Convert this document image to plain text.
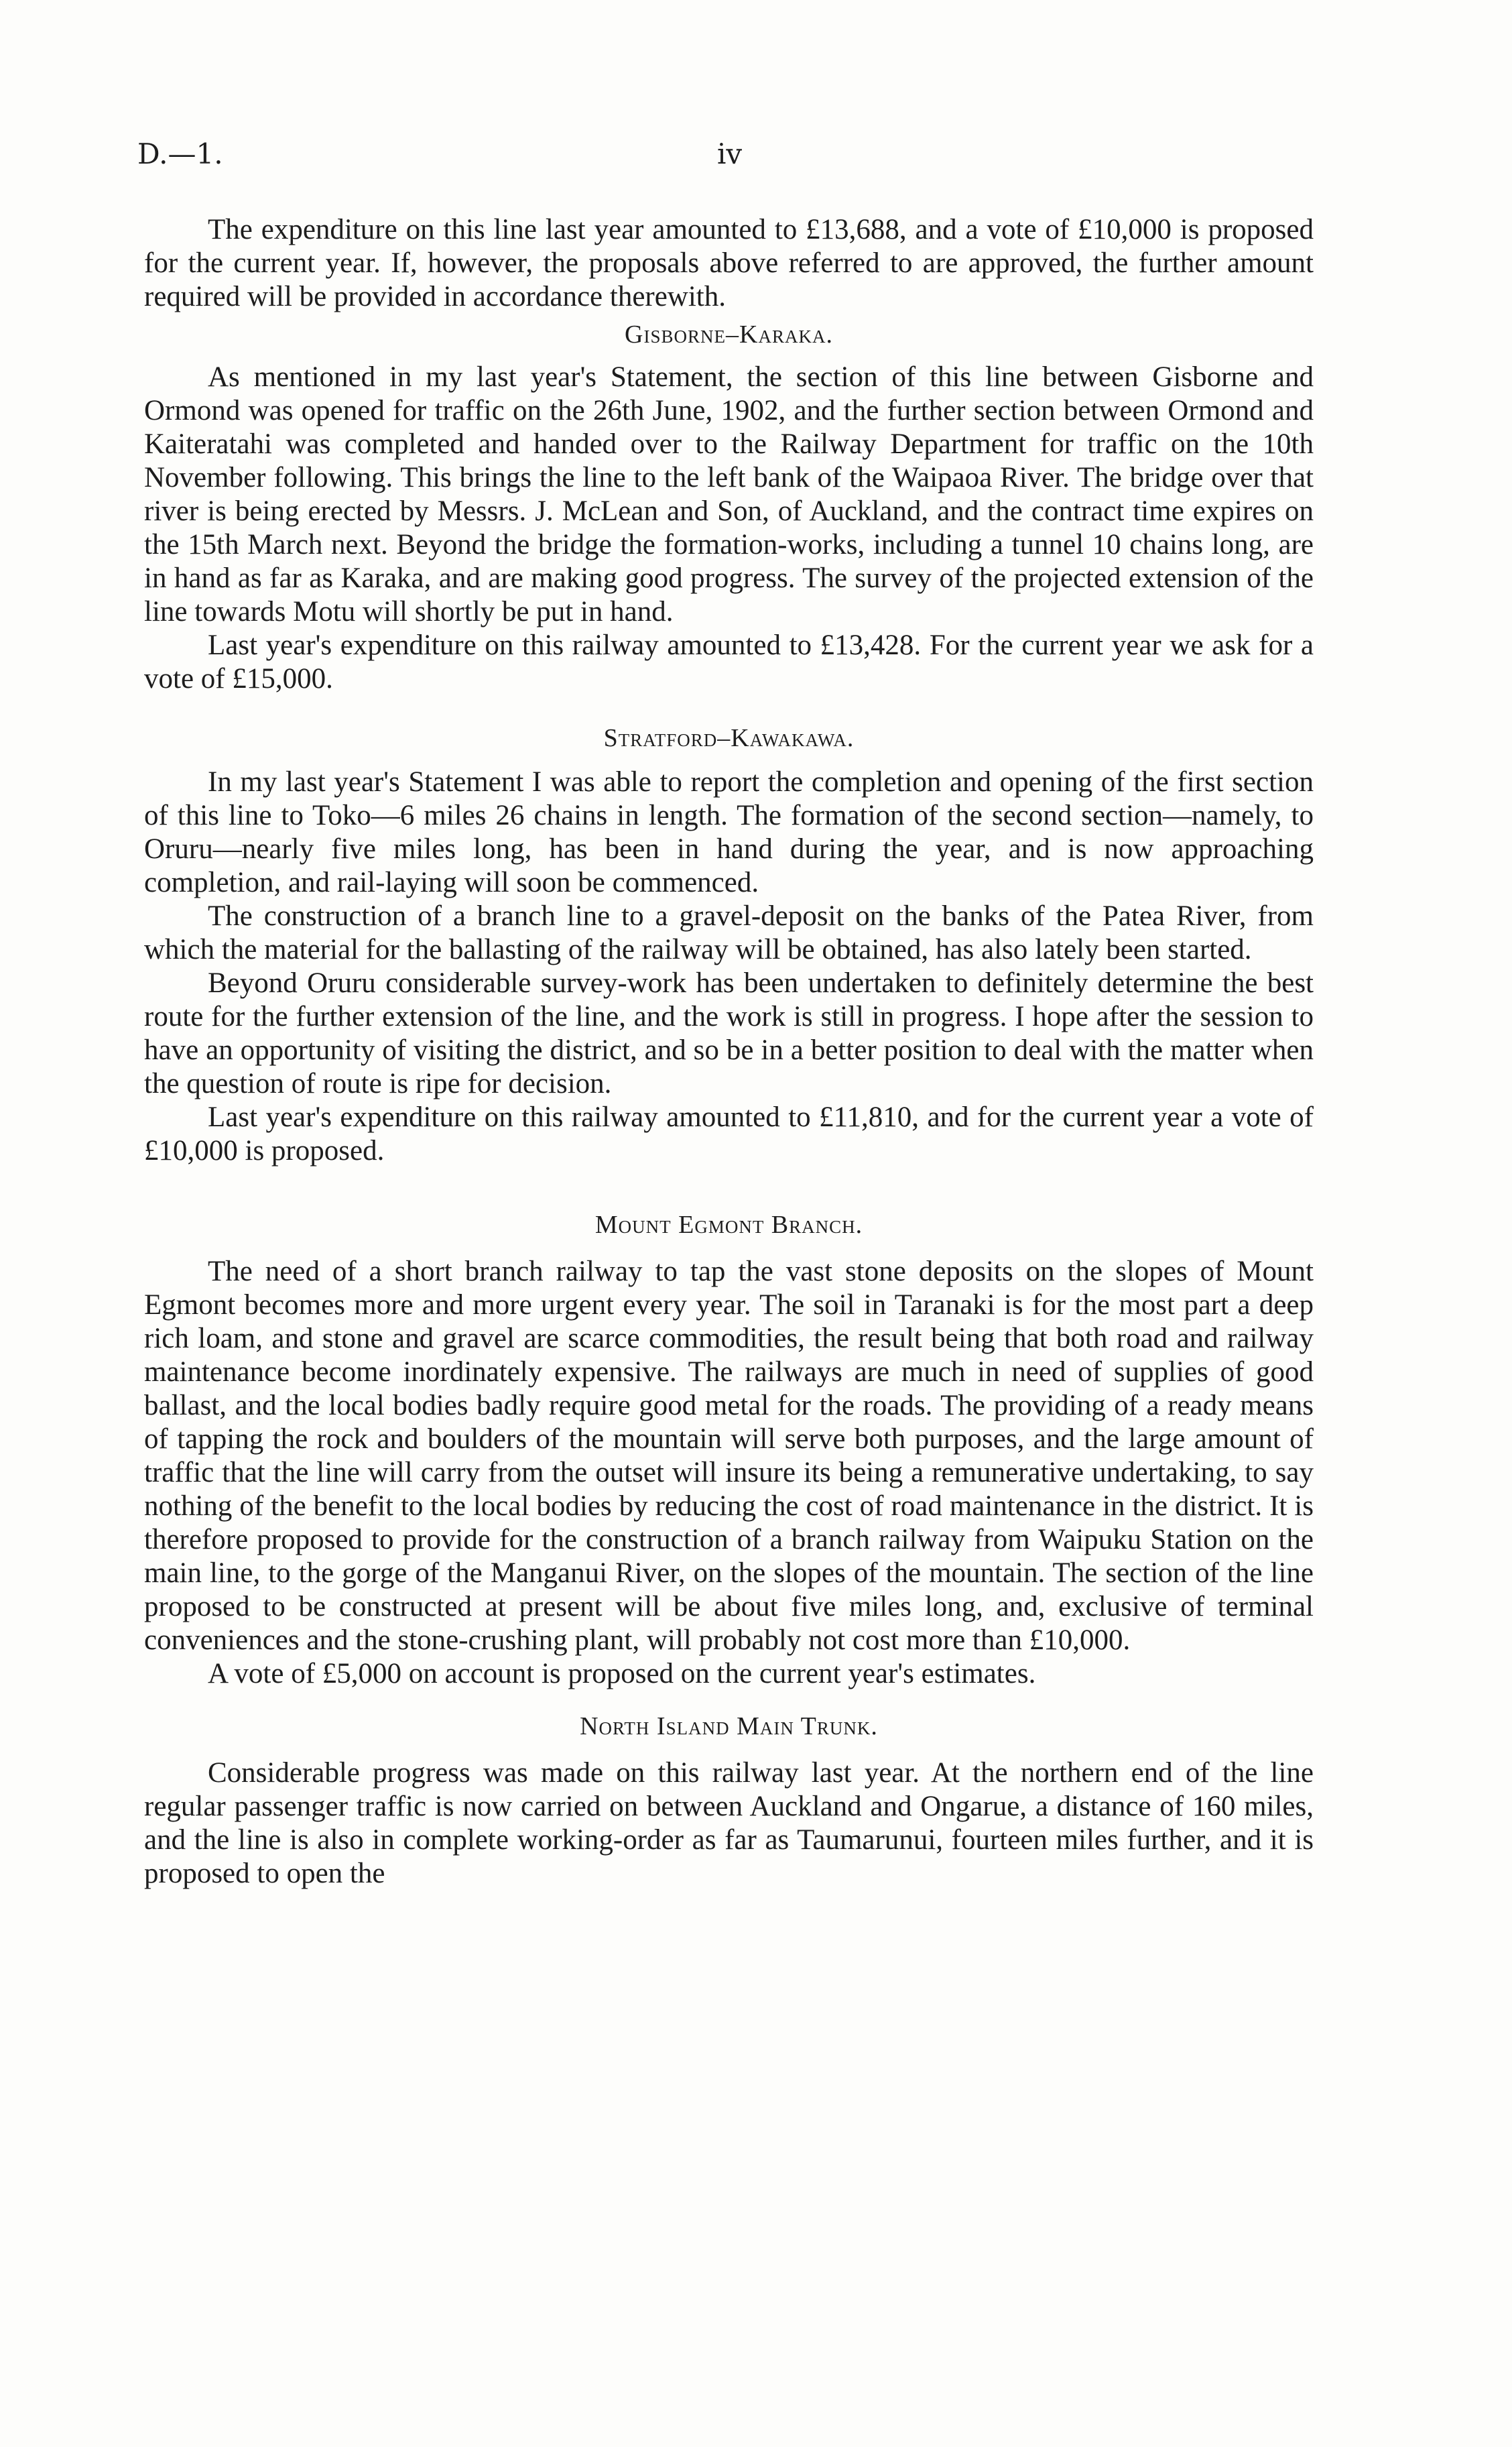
D.—1.	iv

The expenditure on this line last year amounted to £13,688, and a vote of £10,000 is proposed for the current year. If, however, the proposals above referred to are approved, the further amount required will be provided in accordance therewith.

Gisborne–Karaka.

As mentioned in my last year's Statement, the section of this line between Gisborne and Ormond was opened for traffic on the 26th June, 1902, and the further section between Ormond and Kaiteratahi was completed and handed over to the Railway Department for traffic on the 10th November following. This brings the line to the left bank of the Waipaoa River. The bridge over that river is being erected by Messrs. J. McLean and Son, of Auckland, and the contract time expires on the 15th March next. Beyond the bridge the formation-works, including a tunnel 10 chains long, are in hand as far as Karaka, and are making good progress. The survey of the projected extension of the line towards Motu will shortly be put in hand.

Last year's expenditure on this railway amounted to £13,428. For the current year we ask for a vote of £15,000.

Stratford–Kawakawa.

In my last year's Statement I was able to report the completion and opening of the first section of this line to Toko—6 miles 26 chains in length. The formation of the second section—namely, to Oruru—nearly five miles long, has been in hand during the year, and is now approaching completion, and rail-laying will soon be commenced.

The construction of a branch line to a gravel-deposit on the banks of the Patea River, from which the material for the ballasting of the railway will be obtained, has also lately been started.

Beyond Oruru considerable survey-work has been undertaken to definitely determine the best route for the further extension of the line, and the work is still in progress. I hope after the session to have an opportunity of visiting the district, and so be in a better position to deal with the matter when the question of route is ripe for decision.

Last year's expenditure on this railway amounted to £11,810, and for the current year a vote of £10,000 is proposed.

Mount Egmont Branch.

The need of a short branch railway to tap the vast stone deposits on the slopes of Mount Egmont becomes more and more urgent every year. The soil in Taranaki is for the most part a deep rich loam, and stone and gravel are scarce commodities, the result being that both road and railway maintenance become inordinately expensive. The railways are much in need of supplies of good ballast, and the local bodies badly require good metal for the roads. The providing of a ready means of tapping the rock and boulders of the mountain will serve both purposes, and the large amount of traffic that the line will carry from the outset will insure its being a remunerative undertaking, to say nothing of the benefit to the local bodies by reducing the cost of road maintenance in the district. It is therefore proposed to provide for the construction of a branch railway from Waipuku Station on the main line, to the gorge of the Manganui River, on the slopes of the mountain. The section of the line proposed to be constructed at present will be about five miles long, and, exclusive of terminal conveniences and the stone-crushing plant, will probably not cost more than £10,000.

A vote of £5,000 on account is proposed on the current year's estimates.

North Island Main Trunk.

Considerable progress was made on this railway last year. At the northern end of the line regular passenger traffic is now carried on between Auckland and Ongarue, a distance of 160 miles, and the line is also in complete working-order as far as Taumarunui, fourteen miles further, and it is proposed to open the
